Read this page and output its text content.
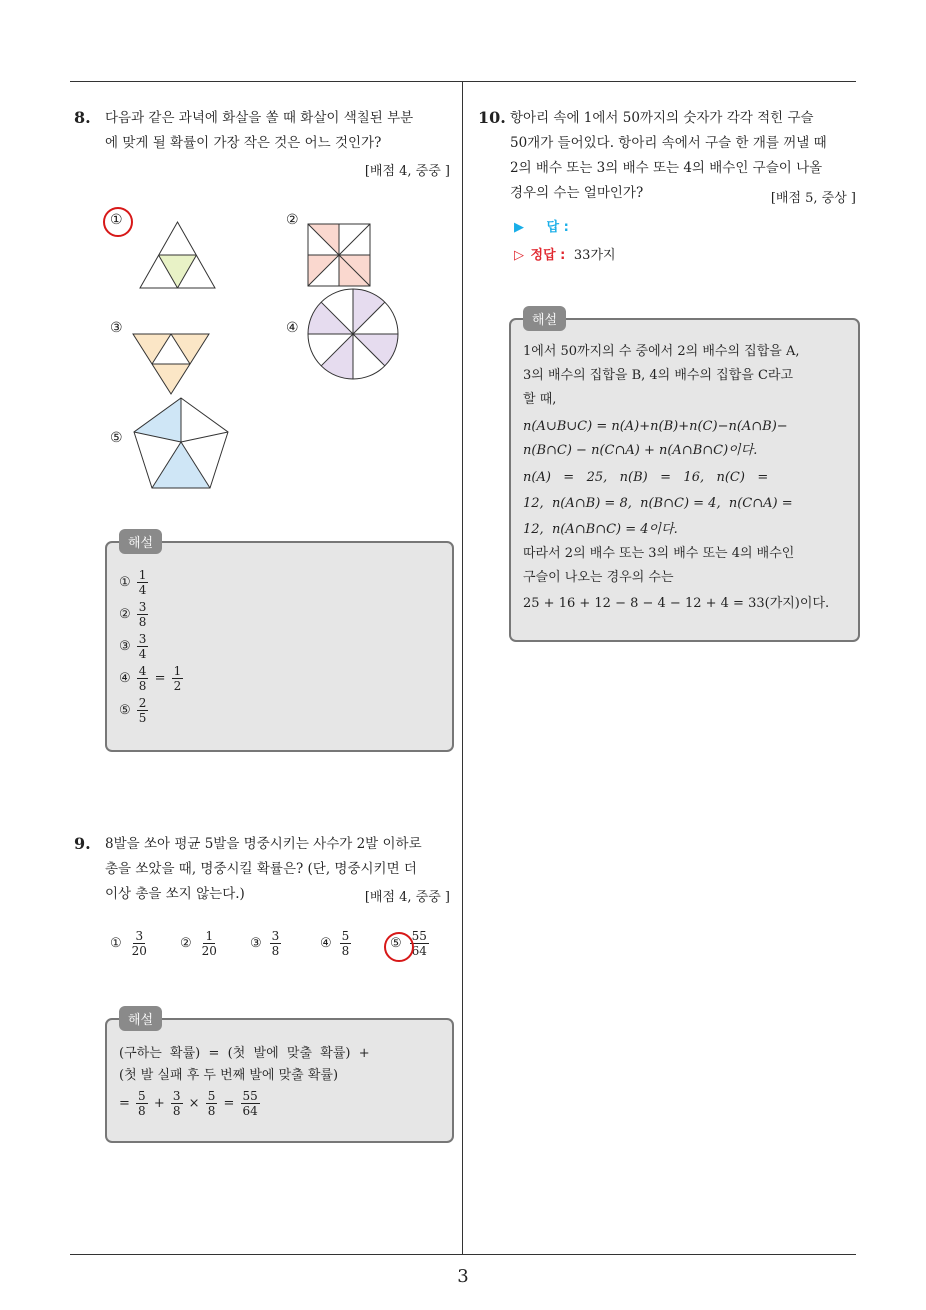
3
8. 다음과 같은 과녁에 화살을 쏠 때 화살이 색칠된 부분
에 맞게 될 확률이 가장 작은 것은 어느 것인가?
[배점 4, 중중 ]
①	②
③	④
⑤
해설
① $\frac{1}{4}$
② $\frac{3}{8}$
③ $\frac{3}{4}$
④ $\frac{4}{8} = \frac{1}{2}$
⑤ $\frac{2}{5}$
9. 8발을 쏘아 평균 5발을 명중시키는 사수가 2발 이하로
총을 쏘았을 때, 명중시킬 확률은? (단, 명중시키면 더
이상 총을 쏘지 않는다.)	[배점 4, 중중 ]
① $\frac{3}{20}$ ② $\frac{1}{20}$ ③ $\frac{3}{8}$	④ $\frac{5}{8}$	⑤ $\frac{55}{64}$
해설
(구하는  확률)  =  (첫  발에  맞출  확률)  +
(첫 발 실패 후 두 번째 발에 맞출 확률)
= $\frac{5}{8} + \frac{3}{8} \times \frac{5}{8} = \frac{55}{64}$
10. 항아리 속에 1에서 50까지의 숫자가 각각 적힌 구슬
50개가 들어있다. 항아리 속에서 구슬 한 개를 꺼낼 때
2의 배수 또는 3의 배수 또는 4의 배수인 구슬이 나올
경우의 수는 얼마인가?	[배점 5, 중상 ]
▶ 답 :
▷ 정답 : 33가지
해설
1에서 50까지의 수 중에서 2의 배수의 집합을 A,
3의 배수의 집합을 B, 4의 배수의 집합을 C라고
할 때,
n(A∪B∪C) = n(A)+n(B)+n(C)−n(A∩B)−
n(B∩C) − n(C∩A) + n(A∩B∩C)이다.
n(A)   =   25,   n(B)   =   16,   n(C)   =
12,  n(A∩B) = 8,  n(B∩C) = 4,  n(C∩A) =
12,  n(A∩B∩C) = 4이다.
따라서 2의 배수 또는 3의 배수 또는 4의 배수인
구슬이 나오는 경우의 수는
25 + 16 + 12 − 8 − 4 − 12 + 4 = 33(가지)이다.
